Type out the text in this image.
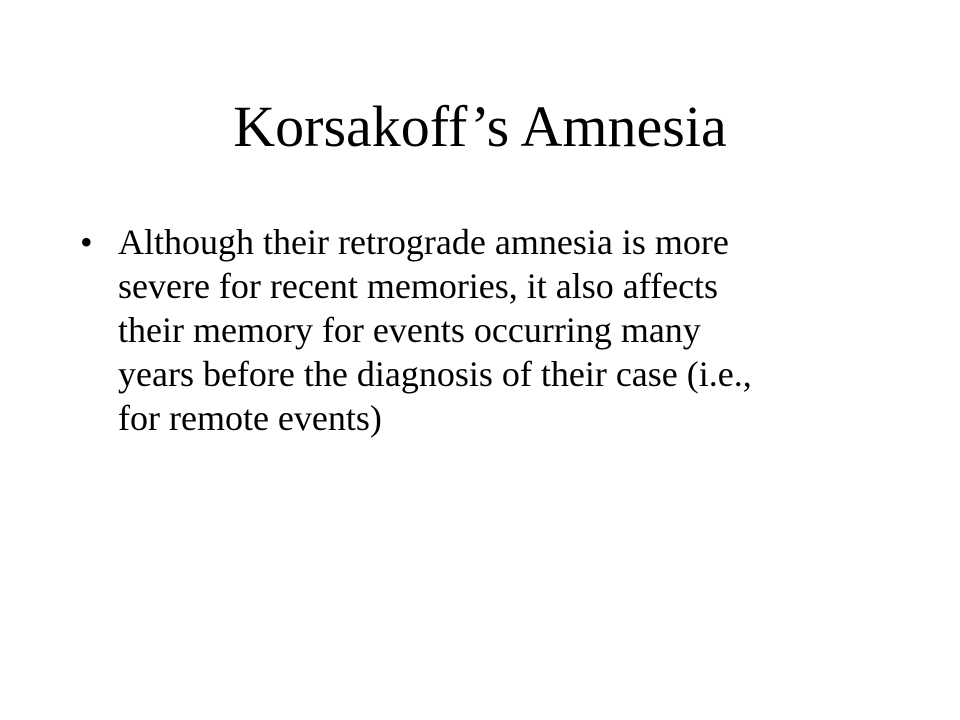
Korsakoff’s Amnesia
• Although their retrograde amnesia is more
severe for recent memories, it also affects
their memory for events occurring many
years before the diagnosis of their case (i.e.,
for remote events)
